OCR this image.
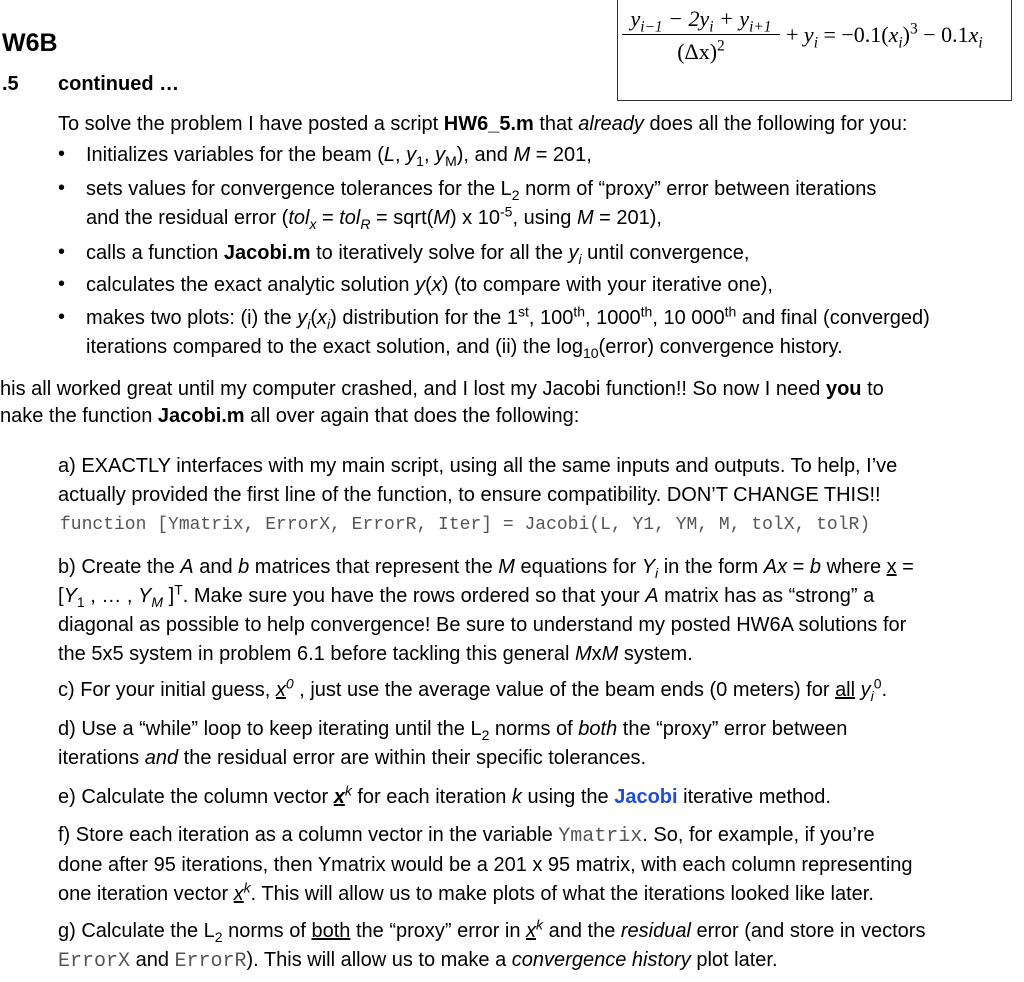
W6B
.5 continued …
$\frac{y_{i-1} - 2y_i + y_{i+1}}{(\Delta x)^2} + y_i = -0.1(x_i)^3 - 0.1x_i$
To solve the problem I have posted a script HW6_5.m that already does all the following for you:
• Initializes variables for the beam (L, $y_1$, $y_M$), and M = 201,
• sets values for convergence tolerances for the $L_2$ norm of “proxy” error between iterations
and the residual error (tol$_x$ = tol$_R$ = sqrt(M) x $10^{-5}$, using M = 201),
• calls a function Jacobi.m to iteratively solve for all the $y_i$ until convergence,
• calculates the exact analytic solution y(x) (to compare with your iterative one),
• makes two plots: (i) the $y_i(x_i)$ distribution for the 1st, 100th, 1000th, 10 000th and final (converged)
iterations compared to the exact solution, and (ii) the $\log_{10}(error)$ convergence history.
his all worked great until my computer crashed, and I lost my Jacobi function!! So now I need you to
nake the function Jacobi.m all over again that does the following:
a) EXACTLY interfaces with my main script, using all the same inputs and outputs. To help, I’ve
actually provided the first line of the function, to ensure compatibility. DON’T CHANGE THIS!!
function [Ymatrix, ErrorX, ErrorR, Iter] = Jacobi(L, Y1, YM, M, tolX, tolR)
b) Create the A and b matrices that represent the M equations for $Y_i$ in the form Ax = b where x =
[$Y_1$ , … , $Y_M$ ]$^T$. Make sure you have the rows ordered so that your A matrix has as “strong” a
diagonal as possible to help convergence! Be sure to understand my posted HW6A solutions for
the 5x5 system in problem 6.1 before tackling this general MxM system.
c) For your initial guess, $x^0$ , just use the average value of the beam ends (0 meters) for all $y_i^0$.
d) Use a “while” loop to keep iterating until the $L_2$ norms of both the “proxy” error between
iterations and the residual error are within their specific tolerances.
e) Calculate the column vector $x^k$ for each iteration k using the Jacobi iterative method.
f) Store each iteration as a column vector in the variable Ymatrix. So, for example, if you’re
done after 95 iterations, then Ymatrix would be a 201 x 95 matrix, with each column representing
one iteration vector $x^k$. This will allow us to make plots of what the iterations looked like later.
g) Calculate the $L_2$ norms of both the “proxy” error in $x^k$ and the residual error (and store in vectors
ErrorX and ErrorR). This will allow us to make a convergence history plot later.
